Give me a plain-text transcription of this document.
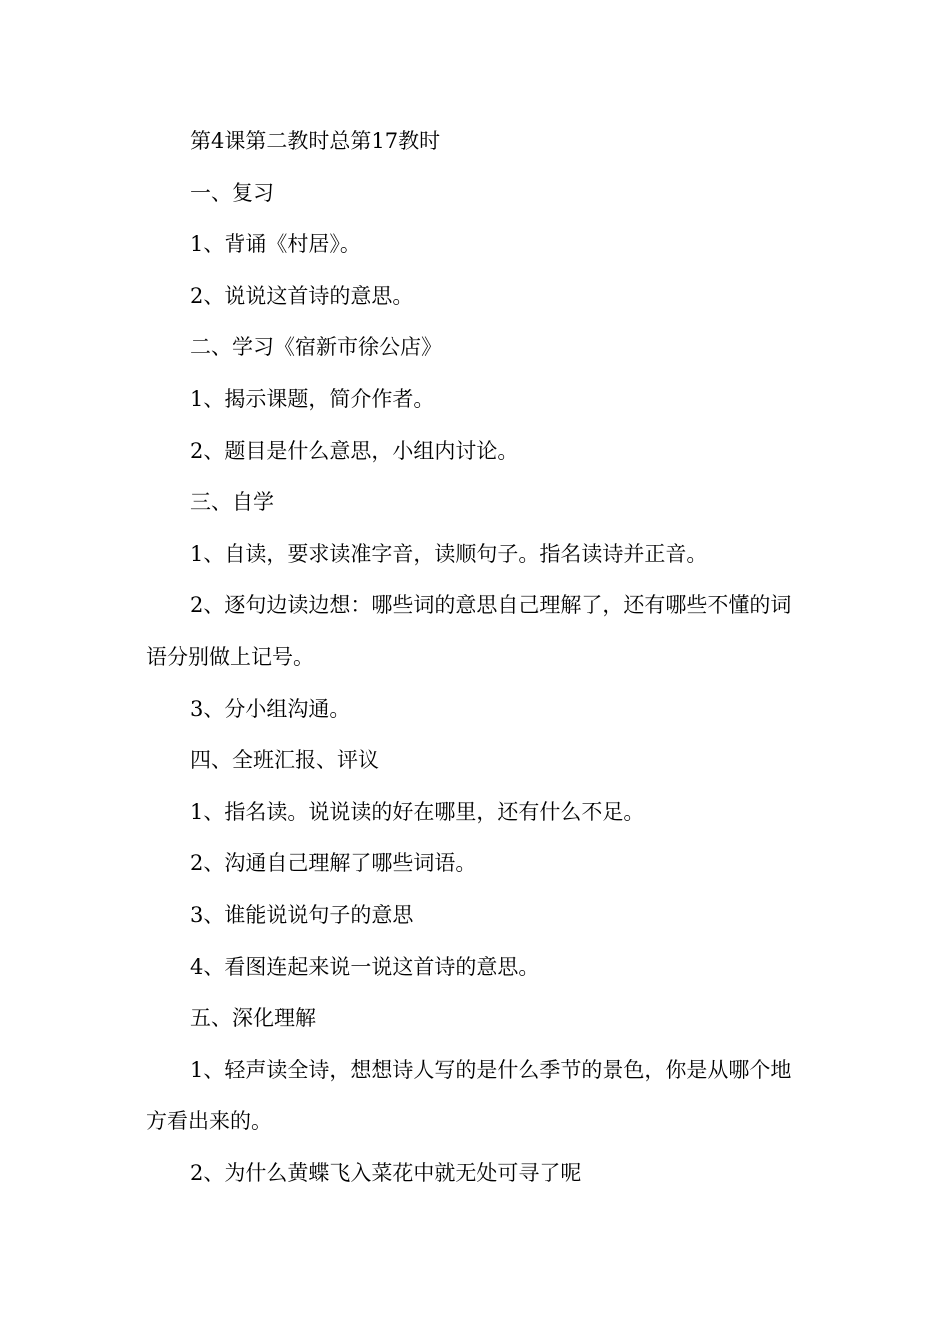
第4课第二教时总第17教时

一、复习

1、背诵《村居》。

2、说说这首诗的意思。

二、学习《宿新市徐公店》

1、揭示课题，简介作者。

2、题目是什么意思，小组内讨论。

三、自学

1、自读，要求读准字音，读顺句子。指名读诗并正音。

2、逐句边读边想：哪些词的意思自己理解了，还有哪些不懂的词语分别做上记号。

3、分小组沟通。

四、全班汇报、评议

1、指名读。说说读的好在哪里，还有什么不足。

2、沟通自己理解了哪些词语。

3、谁能说说句子的意思

4、看图连起来说一说这首诗的意思。

五、深化理解

1、轻声读全诗，想想诗人写的是什么季节的景色，你是从哪个地方看出来的。

2、为什么黄蝶飞入菜花中就无处可寻了呢
